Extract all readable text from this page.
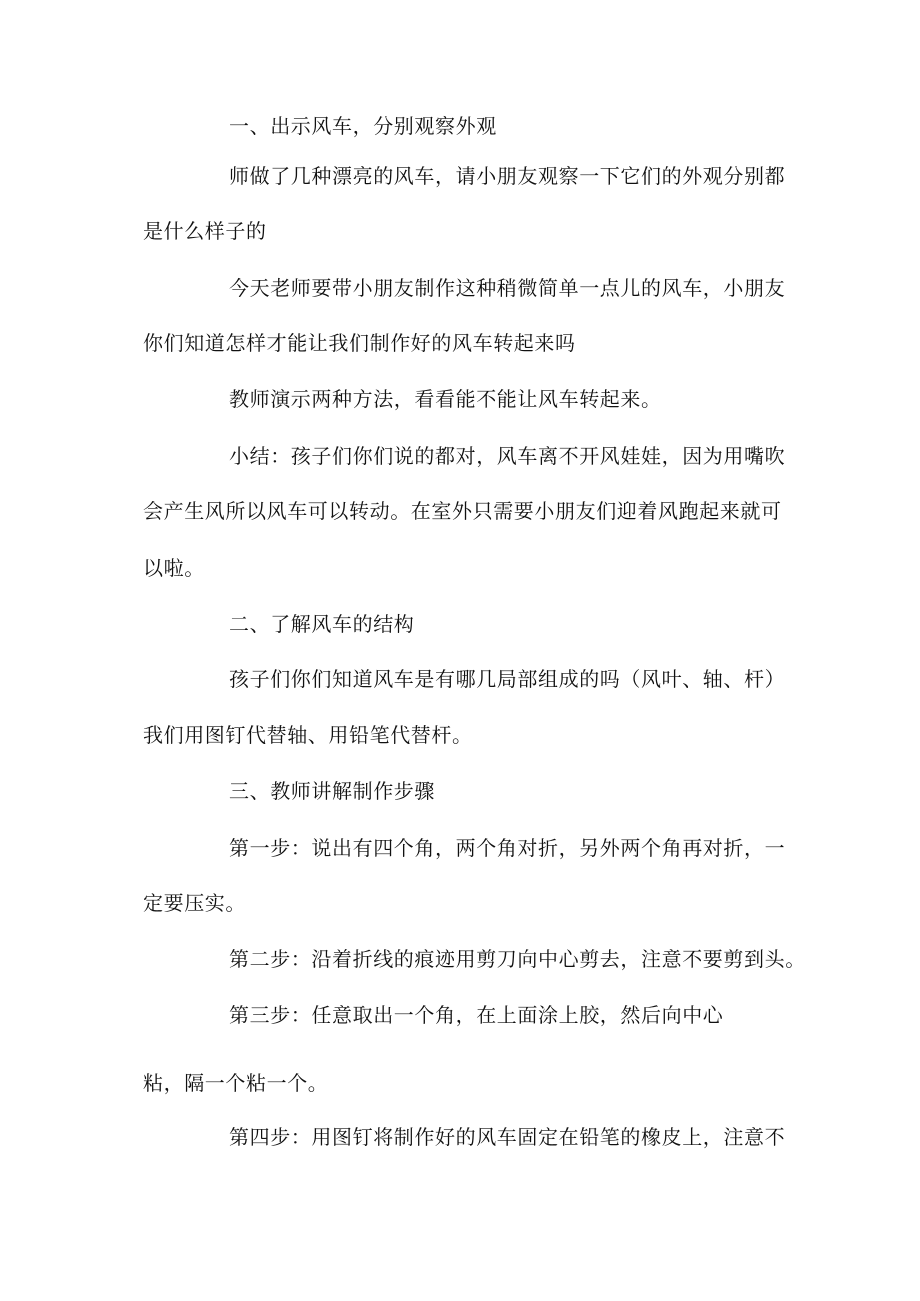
一、出示风车，分别观察外观
师做了几种漂亮的风车，请小朋友观察一下它们的外观分别都
是什么样子的
今天老师要带小朋友制作这种稍微简单一点儿的风车，小朋友
你们知道怎样才能让我们制作好的风车转起来吗
教师演示两种方法，看看能不能让风车转起来。
小结：孩子们你们说的都对，风车离不开风娃娃，因为用嘴吹
会产生风所以风车可以转动。在室外只需要小朋友们迎着风跑起来就可
以啦。
二、了解风车的结构
孩子们你们知道风车是有哪几局部组成的吗（风叶、轴、杆）
我们用图钉代替轴、用铅笔代替杆。
三、教师讲解制作步骤
第一步：说出有四个角，两个角对折，另外两个角再对折，一
定要压实。
第二步：沿着折线的痕迹用剪刀向中心剪去，注意不要剪到头。
第三步：任意取出一个角，在上面涂上胶，然后向中心
粘，隔一个粘一个。
第四步：用图钉将制作好的风车固定在铅笔的橡皮上，注意不
